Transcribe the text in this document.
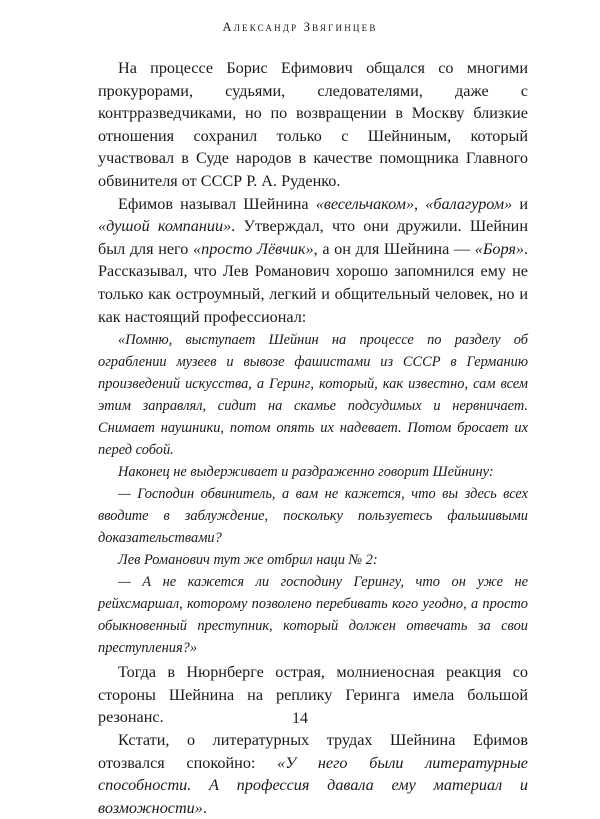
Александр Звягинцев

На процессе Борис Ефимович общался со многими прокурорами, судьями, следователями, даже с контрразведчиками, но по возвращении в Москву близкие отношения сохранил только с Шейниным, который участвовал в Суде народов в качестве помощника Главного обвинителя от СССР Р. А. Руденко.

Ефимов называл Шейнина «весельчаком», «балагуром» и «душой компании». Утверждал, что они дружили. Шейнин был для него «просто Лёвчик», а он для Шейнина — «Боря». Рассказывал, что Лев Романович хорошо запомнился ему не только как остроумный, легкий и общительный человек, но и как настоящий профессионал:

«Помню, выступает Шейнин на процессе по разделу об ограблении музеев и вывозе фашистами из СССР в Германию произведений искусства, а Геринг, который, как известно, сам всем этим заправлял, сидит на скамье подсудимых и нервничает. Снимает наушники, потом опять их надевает. Потом бросает их перед собой.

Наконец не выдерживает и раздраженно говорит Шейнину:

— Господин обвинитель, а вам не кажется, что вы здесь всех вводите в заблуждение, поскольку пользуетесь фальшивыми доказательствами?

Лев Романович тут же отбрил наци № 2:

— А не кажется ли господину Герингу, что он уже не рейхсмаршал, которому позволено перебивать кого угодно, а просто обыкновенный преступник, который должен отвечать за свои преступления?»

Тогда в Нюрнберге острая, молниеносная реакция со стороны Шейнина на реплику Геринга имела большой резонанс.

Кстати, о литературных трудах Шейнина Ефимов отозвался спокойно: «У него были литературные способности. А профессия давала ему материал и возможности».

14
